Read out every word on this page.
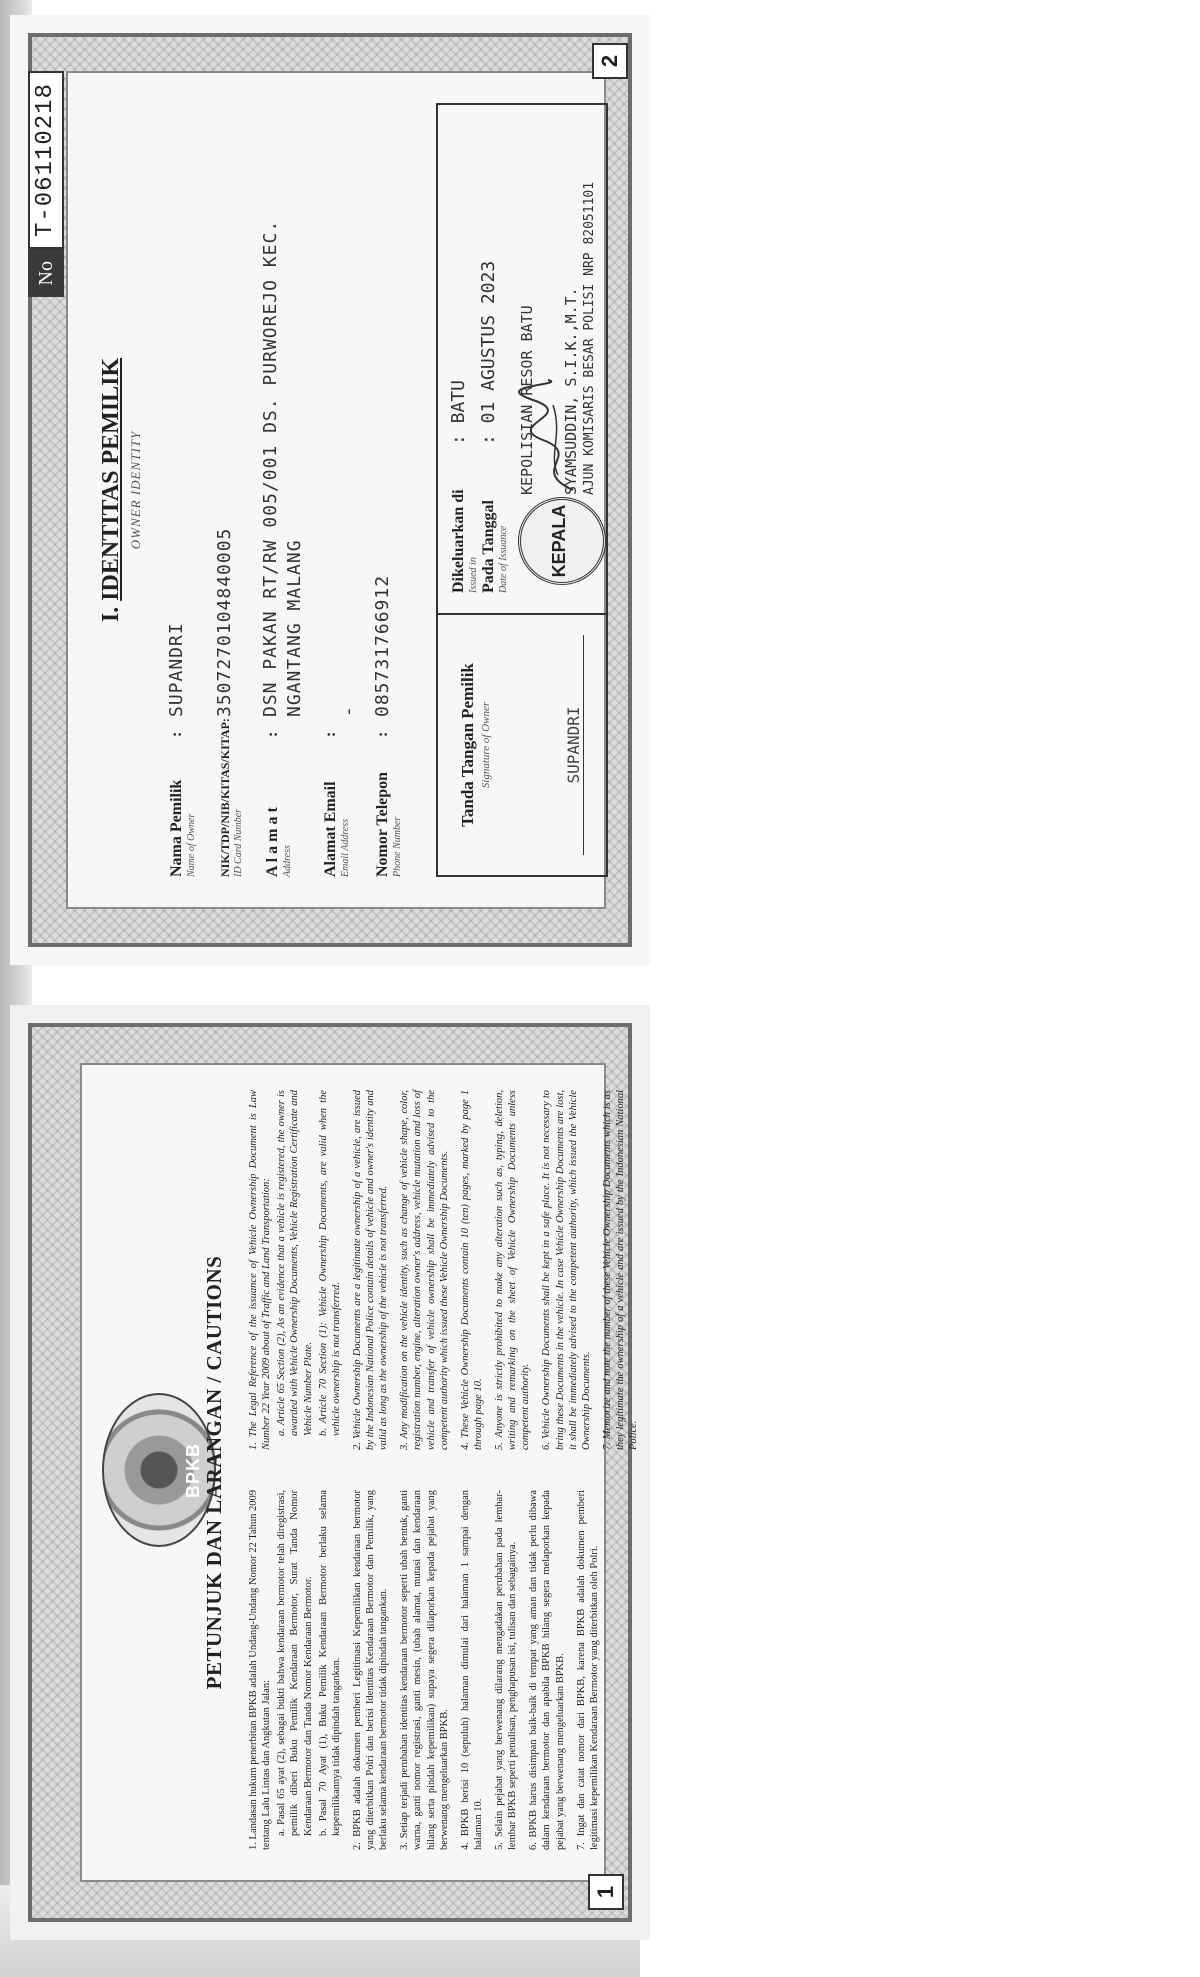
BPKB PETUNJUK DAN LARANGAN / CAUTIONS
1. Landasan hukum penerbitan BPKB adalah Undang-Undang Nomor 22 Tahun 2009 tentang Lalu Lintas dan Angkutan Jalan: a. Pasal 65 ayat (2), sebagai bukti bahwa kendaraan bermotor telah diregistrasi, pemilik diberi Buku Pemilik Kendaraan Bermotor, Surat Tanda Nomor Kendaraan Bermotor dan Tanda Nomor Kendaraan Bermotor. b. Pasal 70 Ayat (1), Buku Pemilik Kendaraan Bermotor berlaku selama kepemilikannya tidak dipindah tangankan.
2. BPKB adalah dokumen pemberi Legitimasi Kepemilikan kendaraan bermotor yang diterbitkan Polri dan berisi Identitas Kendaraan Bermotor dan Pemilik, yang berlaku selama kendaraan bermotor tidak dipindah tangankan. 3. Setiap terjadi perubahan identitas kendaraan bermotor seperti ubah bentuk, ganti warna, ganti nomor registrasi, ganti mesin, (ubah alamat, mutasi dan kendaraan hilang serta pindah kepemilikan) supaya segera dilaporkan kepada pejabat yang berwenang mengeluarkan BPKB. 4. BPKB berisi 10 (sepuluh) halaman dimulai dari halaman 1 sampai dengan halaman 10. 5. Selain pejabat yang berwenang dilarang mengadakan perubahan pada lembar-lembar BPKB seperti penulisan, penghapusan isi, tulisan dan sebagainya. 6. BPKB harus disimpan baik-baik di tempat yang aman dan tidak perlu dibawa dalam kendaraan bermotor dan apabila BPKB hilang segera melaporkan kepada pejabat yang berwenang mengeluarkan BPKB. 7. Ingat dan catat nomor dari BPKB, karena BPKB adalah dokumen pemberi legitimasi kepemilikan Kendaraan Bermotor yang diterbitkan oleh Polri.
1. The Legal Reference of the issuance of Vehicle Ownership Document is Law Number 22 Year 2009 about of Traffic and Land Transportation: a. Article 65 Section (2), As an evidence that a vehicle is registered, the owner is awarded with Vehicle Ownership Documents, Vehicle Registration Certificate and Vehicle Number Plate. b. Article 70 Section (1): Vehicle Ownership Documents, are valid when the vehicle ownership is not transferred.
2. Vehicle Ownership Documents are a legitimate ownership of a vehicle, are issued by the Indonesian National Police contain details of vehicle and owner's identity and valid as long as the ownership of the vehicle is not transferred. 3. Any modification on the vehicle identity, such as change of vehicle shape, color, registration number, engine, alteration owner's address, vehicle mutation and loss of vehicle and transfer of vehicle ownership shall be immediately advised to the competent authority which issued these Vehicle Ownership Documents. 4. These Vehicle Ownership Documents contain 10 (ten) pages, marked by page 1 through page 10. 5. Anyone is strictly prohibited to make any alteration such as, typing, deletion, writing and remarking on the sheet of Vehicle Ownership Documents unless competent authority. 6. Vehicle Ownership Documents shall be kept in a safe place. It is not necessary to bring these Documents in the vehicle. In case Vehicle Ownership Documents are lost, it shall be immediately advised to the competent authority, which issued the Vehicle Ownership Documents. 7. Memorize and note the number of these Vehicle Ownership Documents which is as they legitimate the ownership of a vehicle and are issued by the Indonesian National Police.
1
No
T-06110218
I. IDENTITAS PEMILIK OWNER IDENTITY
Nama Pemilik Name of Owner
:
SUPANDRI
NIK/TDP/NIB/KITAS/KITAP: ID Card Number
3507270104840005
A l a m a t Address
:
DSN PAKAN RT/RW 005/001 DS. PURWOREJO KEC. NGANTANG MALANG
Alamat Email Email Address
:
-
Nomor Telepon Phone Number
:
085731766912
Tanda Tangan Pemilik Signature of Owner	SUPANDRI
Dikeluarkan di Issued in
: BATU
Pada Tanggal Date of Issuance
: 01 AGUSTUS 2023 KEPOLISIAN RESOR BATU
KEPALA
SYAMSUDDIN, S.I.K.,M.T. AJUN KOMISARIS BESAR POLISI NRP 82051101
2
